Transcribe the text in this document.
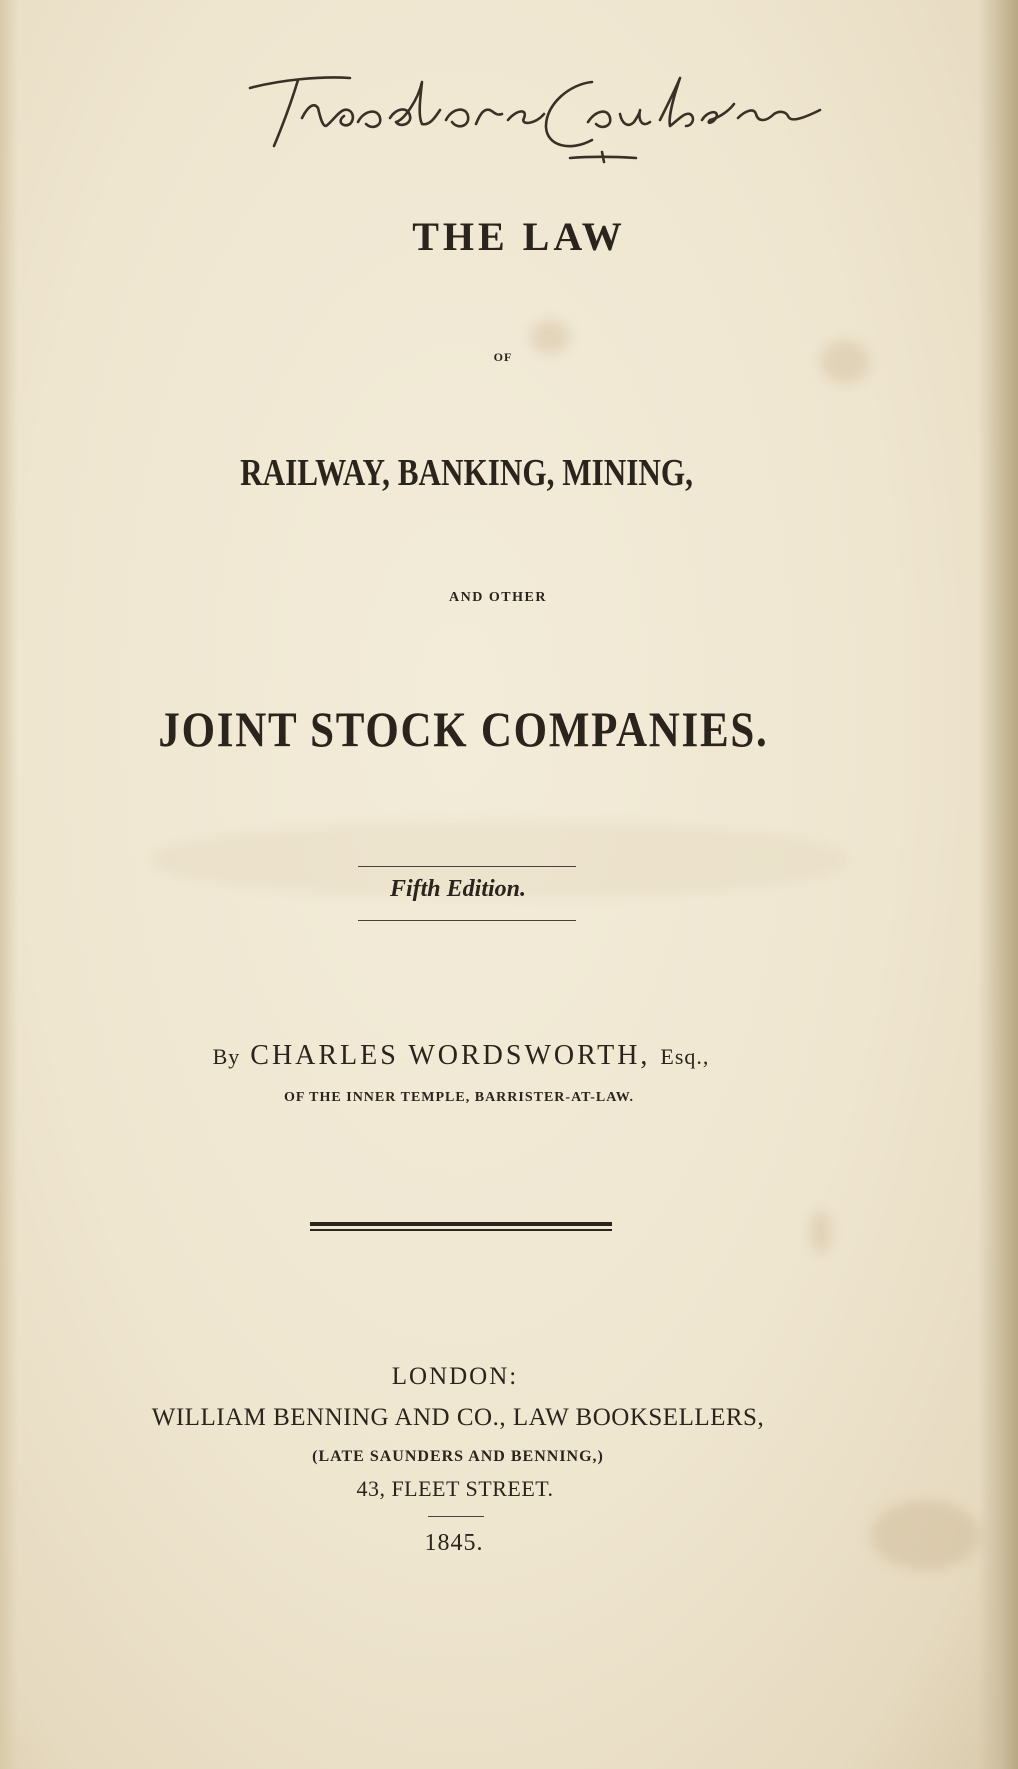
THE LAW
OF
RAILWAY, BANKING, MINING,
AND OTHER
JOINT STOCK COMPANIES.
Fifth Edition.
By CHARLES WORDSWORTH, Esq.,
OF THE INNER TEMPLE, BARRISTER-AT-LAW.
LONDON:
WILLIAM BENNING AND CO., LAW BOOKSELLERS,
(LATE SAUNDERS AND BENNING,)
43, FLEET STREET.
1845.
